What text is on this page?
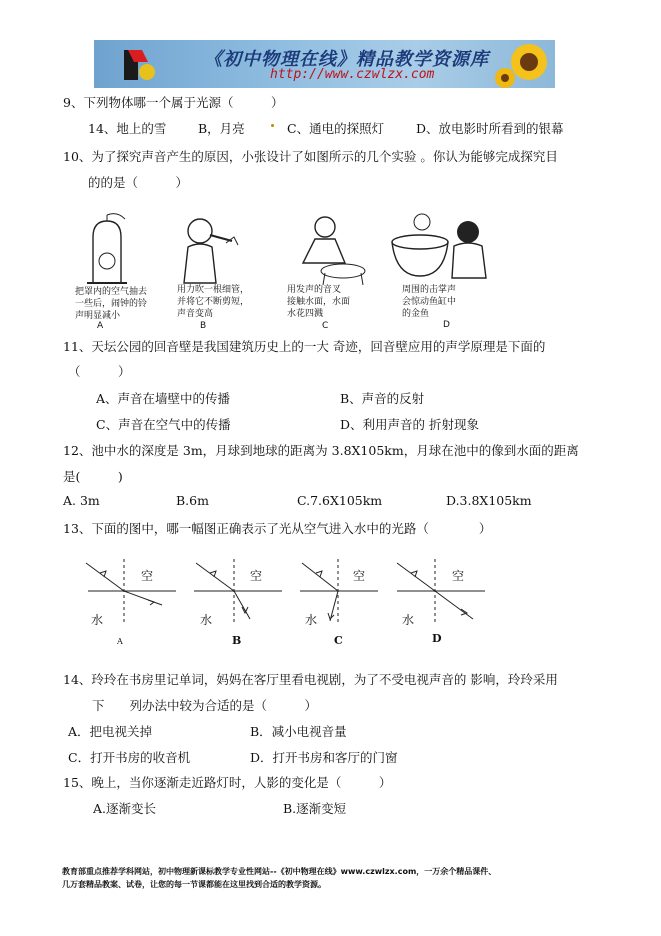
《初中物理在线》精品教学资源库
http://www.czwlzx.com
9、下列物体哪一个属于光源（　　　）
14、地上的雪	B，月亮	C、通电的探照灯	D、放电影时所看到的银幕
10、为了探究声音产生的原因，小张设计了如图所示的几个实验 。你认为能够完成探究目
的的是（　　　）
把罩内的空气抽去
一些后，闹钟的铃
声明显减小
A
用力吹一根细管，
并将它不断剪短，
声音变高
B
用发声的音叉
接触水面，水面
水花四溅
C
周围的击掌声
会惊动鱼缸中
的金鱼
D
11、天坛公园的回音壁是我国建筑历史上的一大 奇迹，回音壁应用的声学原理是下面的
（　　　）
A、声音在墙壁中的传播	B、声音的反射
C、声音在空气中的传播	D、利用声音的 折射现象
12、池中水的深度是 3m，月球到地球的距离为 3.8X105km，月球在池中的像到水面的距离
是(　　　)
A. 3m	B.6m	C.7.6X105km	D.3.8X105km
13、下面的图中，哪一幅图正确表示了光从空气进入水中的光路（　　　　）
空
水
A
空
水
B
空
水
C
空
水
D
14、玲玲在书房里记单词，妈妈在客厅里看电视剧，为了不受电视声音的 影响，玲玲采用
下　　列办法中较为合适的是（　　　）
A．把电视关掉	B．减小电视音量
C．打开书房的收音机	D．打开书房和客厅的门窗
15、晚上，当你逐渐走近路灯时，人影的变化是（　　　）
A.逐渐变长	B.逐渐变短
教育部重点推荐学科网站，初中物理新课标教学专业性网站--《初中物理在线》www.czwlzx.com，一万余个精品课件、
几万套精品教案、试卷，让您的每一节课都能在这里找到合适的教学资源。
